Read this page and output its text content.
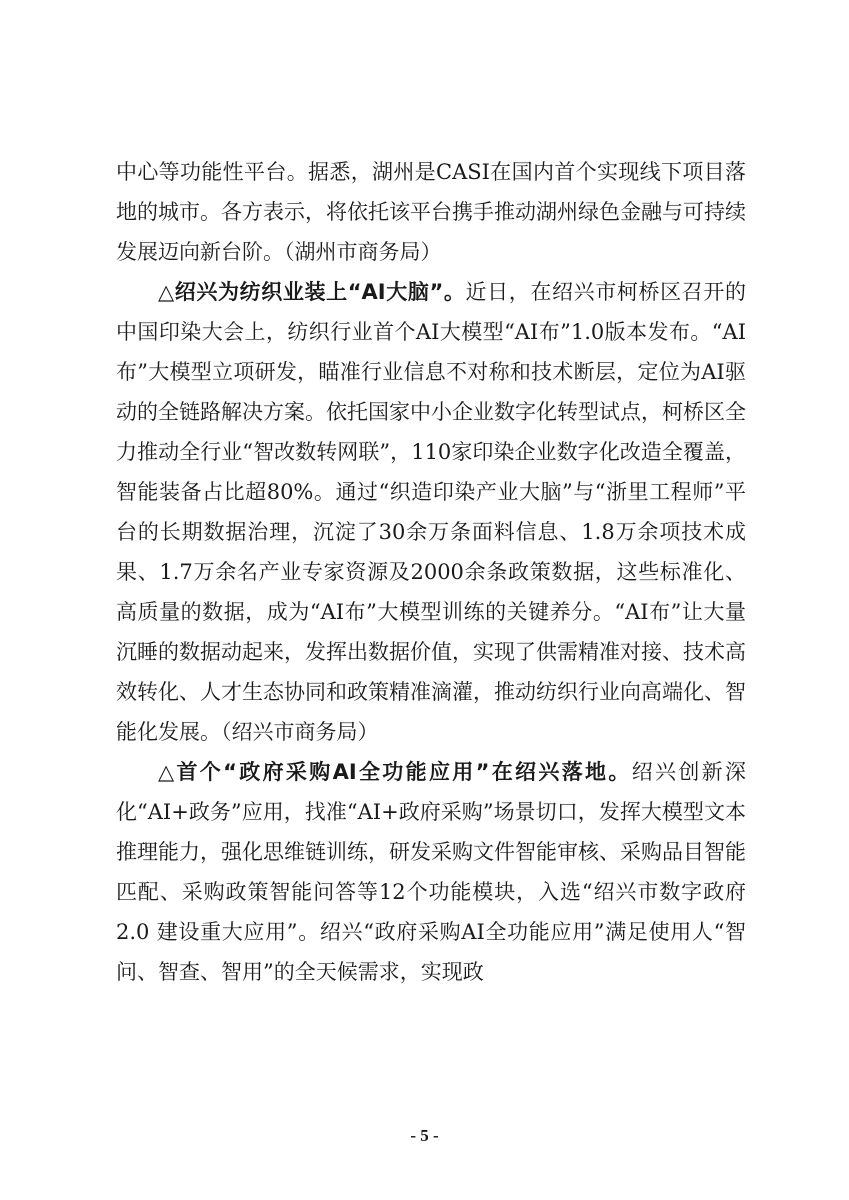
中心等功能性平台。据悉，湖州是CASI在国内首个实现线下项目落地的城市。各方表示，将依托该平台携手推动湖州绿色金融与可持续发展迈向新台阶。（湖州市商务局）

△绍兴为纺织业装上“AI大脑”。近日，在绍兴市柯桥区召开的中国印染大会上，纺织行业首个AI大模型“AI布”1.0版本发布。“AI布”大模型立项研发，瞄准行业信息不对称和技术断层，定位为AI驱动的全链路解决方案。依托国家中小企业数字化转型试点，柯桥区全力推动全行业“智改数转网联”，110家印染企业数字化改造全覆盖，智能装备占比超80%。通过“织造印染产业大脑”与“浙里工程师”平台的长期数据治理，沉淀了30余万条面料信息、1.8万余项技术成果、1.7万余名产业专家资源及2000余条政策数据，这些标准化、高质量的数据，成为“AI布”大模型训练的关键养分。“AI布”让大量沉睡的数据动起来，发挥出数据价值，实现了供需精准对接、技术高效转化、人才生态协同和政策精准滴灌，推动纺织行业向高端化、智能化发展。（绍兴市商务局）

△首个“政府采购AI全功能应用”在绍兴落地。绍兴创新深化“AI+政务”应用，找准“AI+政府采购”场景切口，发挥大模型文本推理能力，强化思维链训练，研发采购文件智能审核、采购品目智能匹配、采购政策智能问答等12个功能模块，入选“绍兴市数字政府2.0 建设重大应用”。绍兴“政府采购AI全功能应用”满足使用人“智问、智查、智用”的全天候需求，实现政

- 5 -
